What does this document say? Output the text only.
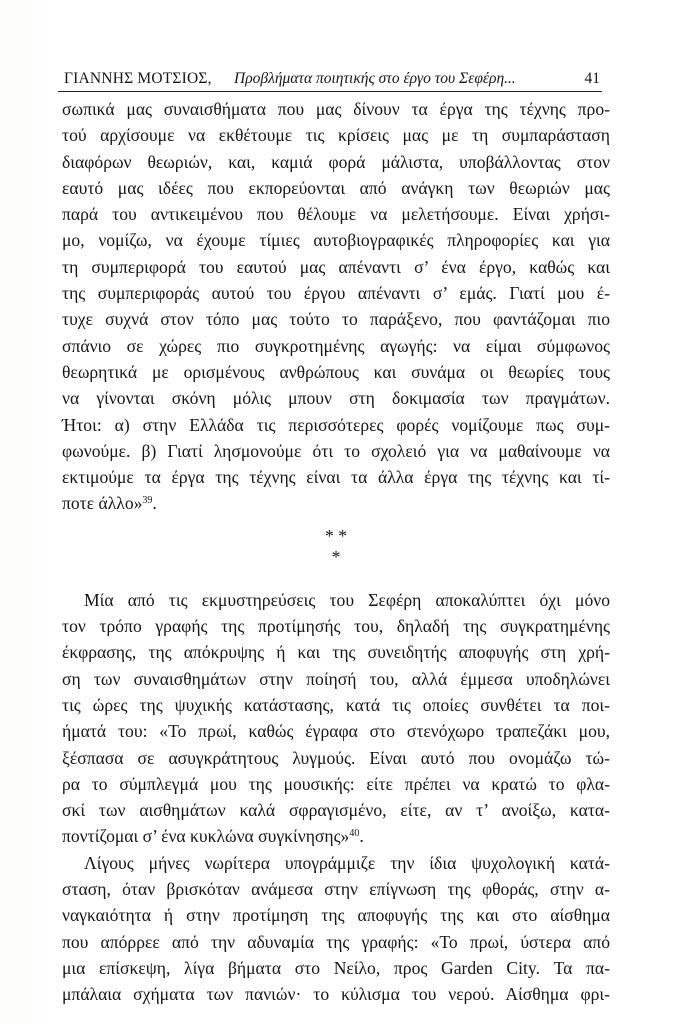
ΓΙΑΝΝΗΣ ΜΟΤΣΙΟΣ, Προβλήματα ποιητικής στο έργο του Σεφέρη...	41
σωπικά μας συναισθήματα που μας δίνουν τα έργα της τέχνης πρo-
τού αρχίσουμε να εκθέτουμε τις κρίσεις μας με τη συμπαράσταση
διαφόρων θεωριών, και, καμιά φορά μάλιστα, υποβάλλοντας στον
εαυτό μας ιδέες που εκπορεύονται από ανάγκη των θεωριών μας
παρά του αντικειμένου που θέλουμε να μελετήσουμε. Είναι χρήσι-
μο, νομίζω, να έχουμε τίμιες αυτοβιογραφικές πληροφορίες και για
τη συμπεριφορά του εαυτού μας απέναντι σ’ ένα έργο, καθώς και
της συμπεριφοράς αυτού του έργου απέναντι σ’ εμάς. Γιατί μου έ-
τυχε συχνά στον τόπο μας τούτο το παράξενο, που φαντάζομαι πιο
σπάνιο σε χώρες πιο συγκροτημένης αγωγής: να είμαι σύμφωνος
θεωρητικά με ορισμένους ανθρώπους και συνάμα οι θεωρίες τους
να γίνονται σκόνη μόλις μπουν στη δοκιμασία των πραγμάτων.
Ήτοι: α) στην Ελλάδα τις περισσότερες φορές νομίζουμε πως συμ-
φωνούμε. β) Γιατί λησμονούμε ότι το σχολειό για να μαθαίνουμε να
εκτιμούμε τα έργα της τέχνης είναι τα άλλα έργα της τέχνης και τί-
ποτε άλλο»$^{39}$.
* *
*
Μία από τις εκμυστηρεύσεις του Σεφέρη αποκαλύπτει όχι μόνο
τον τρόπο γραφής της προτίμησής του, δηλαδή της συγκρατημένης
έκφρασης, της απόκρυψης ή και της συνειδητής αποφυγής στη χρή-
ση των συναισθημάτων στην ποίησή του, αλλά έμμεσα υποδηλώνει
τις ώρες της ψυχικής κατάστασης, κατά τις οποίες συνθέτει τα ποι-
ήματά του: «Το πρωί, καθώς έγραφα στο στενόχωρο τραπεζάκι μου,
ξέσπασα σε ασυγκράτητους λυγμούς. Είναι αυτό που ονομάζω τώ-
ρα το σύμπλεγμά μου της μουσικής: είτε πρέπει να κρατώ το φλα-
σκί των αισθημάτων καλά σφραγισμένο, είτε, αν τ’ ανοίξω, κατα-
ποντίζομαι σ’ ένα κυκλώνα συγκίνησης»$^{40}$.
Λίγους μήνες νωρίτερα υπογράμμιζε την ίδια ψυχολογική κατά-
σταση, όταν βρισκόταν ανάμεσα στην επίγνωση της φθοράς, στην α-
ναγκαιότητα ή στην προτίμηση της αποφυγής της και στο αίσθημα
που απόρρεε από την αδυναμία της γραφής: «Το πρωί, ύστερα από
μια επίσκεψη, λίγα βήματα στο Νείλο, προς Garden City. Τα πα-
μπάλαια σχήματα των πανιών· το κύλισμα του νερού. Αίσθημα φρι-
